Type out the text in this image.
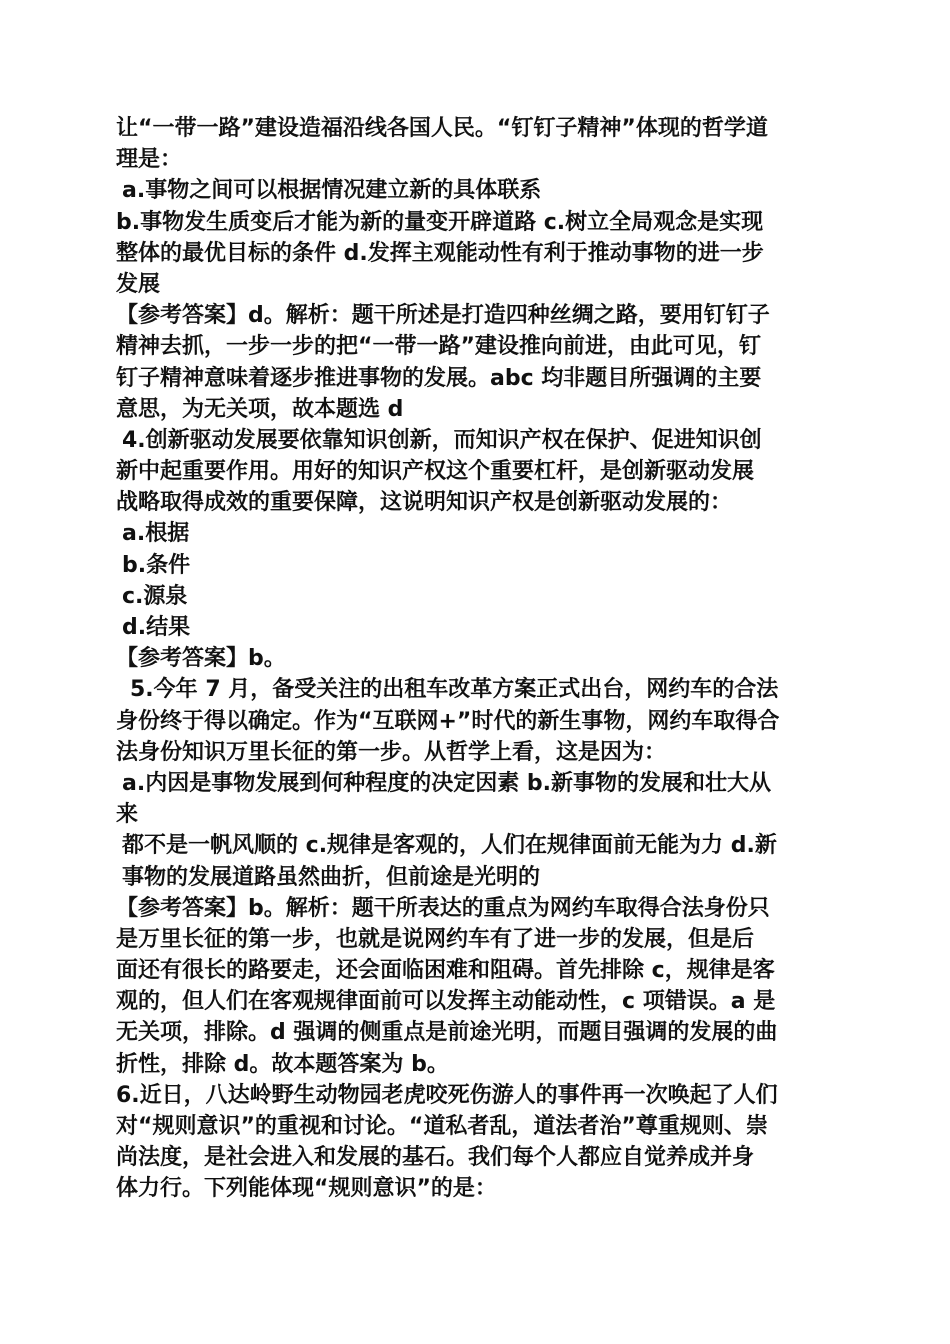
让“一带一路”建设造福沿线各国人民。“钉钉子精神”体现的哲学道
理是：
a.事物之间可以根据情况建立新的具体联系
b.事物发生质变后才能为新的量变开辟道路 c.树立全局观念是实现
整体的最优目标的条件 d.发挥主观能动性有利于推动事物的进一步
发展
【参考答案】d。解析：题干所述是打造四种丝绸之路，要用钉钉子
精神去抓，一步一步的把“一带一路”建设推向前进，由此可见，钉
钉子精神意味着逐步推进事物的发展。abc 均非题目所强调的主要
意思，为无关项，故本题选 d
4.创新驱动发展要依靠知识创新，而知识产权在保护、促进知识创
新中起重要作用。用好的知识产权这个重要杠杆，是创新驱动发展
战略取得成效的重要保障，这说明知识产权是创新驱动发展的：
a.根据
b.条件
c.源泉
d.结果
【参考答案】b。
5.今年 7 月，备受关注的出租车改革方案正式出台，网约车的合法
身份终于得以确定。作为“互联网+”时代的新生事物，网约车取得合
法身份知识万里长征的第一步。从哲学上看，这是因为：
a.内因是事物发展到何种程度的决定因素 b.新事物的发展和壮大从
来
都不是一帆风顺的 c.规律是客观的，人们在规律面前无能为力 d.新
事物的发展道路虽然曲折，但前途是光明的
【参考答案】b。解析：题干所表达的重点为网约车取得合法身份只
是万里长征的第一步，也就是说网约车有了进一步的发展，但是后
面还有很长的路要走，还会面临困难和阻碍。首先排除 c，规律是客
观的，但人们在客观规律面前可以发挥主动能动性，c 项错误。a 是
无关项，排除。d 强调的侧重点是前途光明，而题目强调的发展的曲
折性，排除 d。故本题答案为 b。
6.近日，八达岭野生动物园老虎咬死伤游人的事件再一次唤起了人们
对“规则意识”的重视和讨论。“道私者乱，道法者治”尊重规则、崇
尚法度，是社会进入和发展的基石。我们每个人都应自觉养成并身
体力行。下列能体现“规则意识”的是：
